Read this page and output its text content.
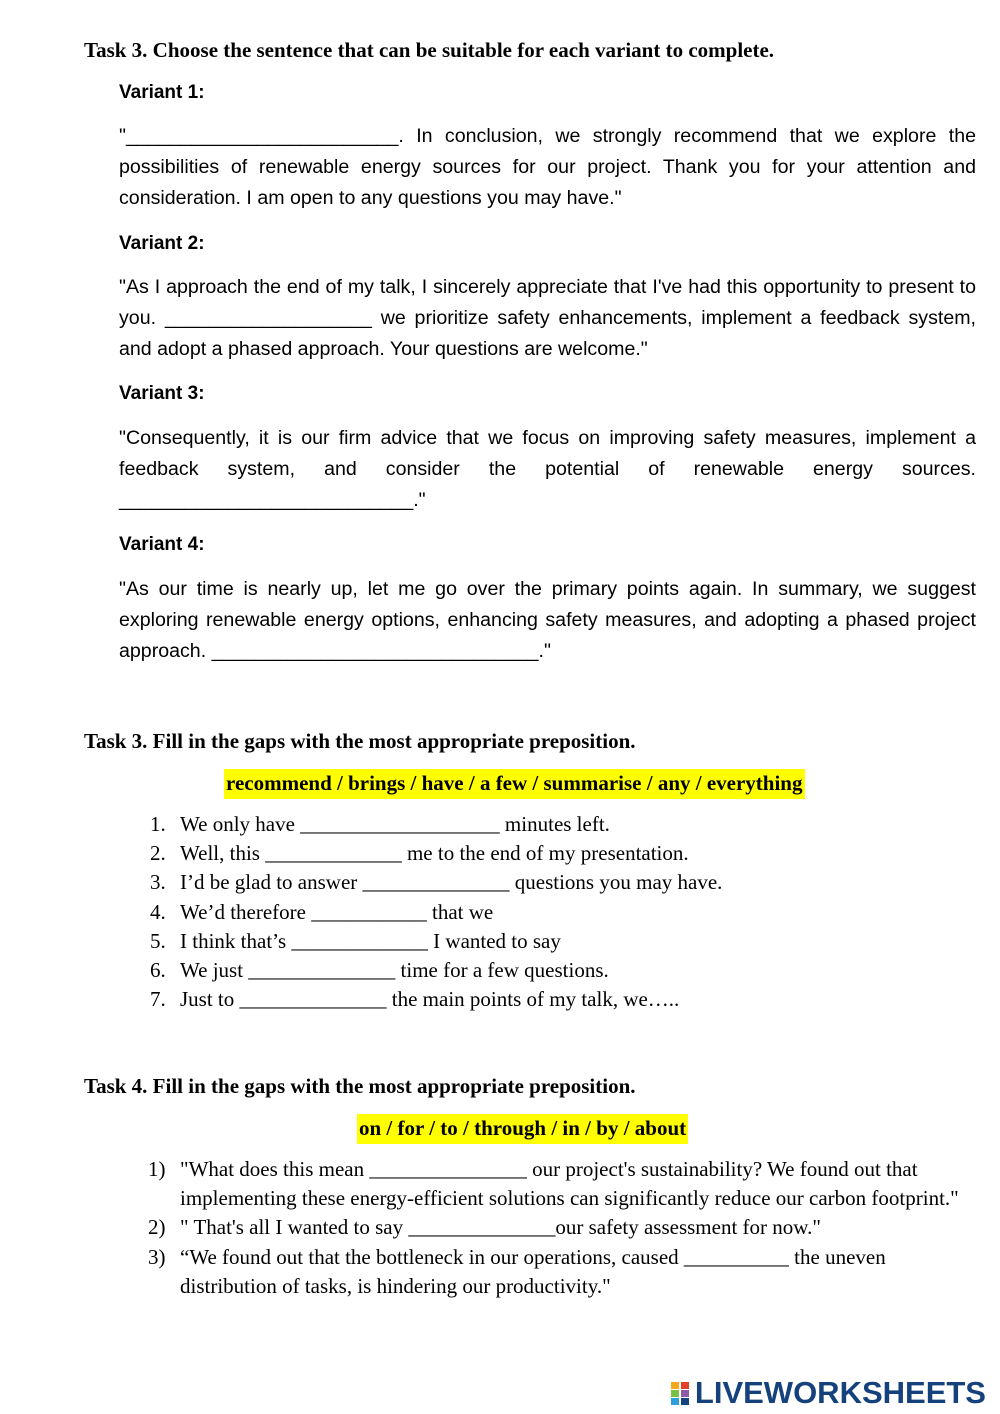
Task 3. Choose the sentence that can be suitable for each variant to complete.
Variant 1:

"_________________________. In conclusion, we strongly recommend that we explore the possibilities of renewable energy sources for our project. Thank you for your attention and consideration. I am open to any questions you may have."

Variant 2:

"As I approach the end of my talk, I sincerely appreciate that I've had this opportunity to present to you. ___________________ we prioritize safety enhancements, implement a feedback system, and adopt a phased approach. Your questions are welcome."

Variant 3:

"Consequently, it is our firm advice that we focus on improving safety measures, implement a feedback system, and consider the potential of renewable energy sources. ___________________________."

Variant 4:

"As our time is nearly up, let me go over the primary points again. In summary, we suggest exploring renewable energy options, enhancing safety measures, and adopting a phased project approach. ______________________________."

Task 3. Fill in the gaps with the most appropriate preposition.
recommend / brings / have / a few / summarise / any / everything
1. We only have ___________________ minutes left.
2. Well, this _____________ me to the end of my presentation.
3. I’d be glad to answer ______________ questions you may have.
4. We’d therefore ___________ that we
5. I think that’s _____________ I wanted to say
6. We just ______________ time for a few questions.
7. Just to ______________ the main points of my talk, we…..
Task 4. Fill in the gaps with the most appropriate preposition.
on / for / to / through / in / by / about
1) "What does this mean _______________ our project's sustainability? We found out that implementing these energy-efficient solutions can significantly reduce our carbon footprint."
2) " That's all I wanted to say ______________our safety assessment for now."
3) “We found out that the bottleneck in our operations, caused __________ the uneven distribution of tasks, is hindering our productivity."
LIVEWORKSHEETS
